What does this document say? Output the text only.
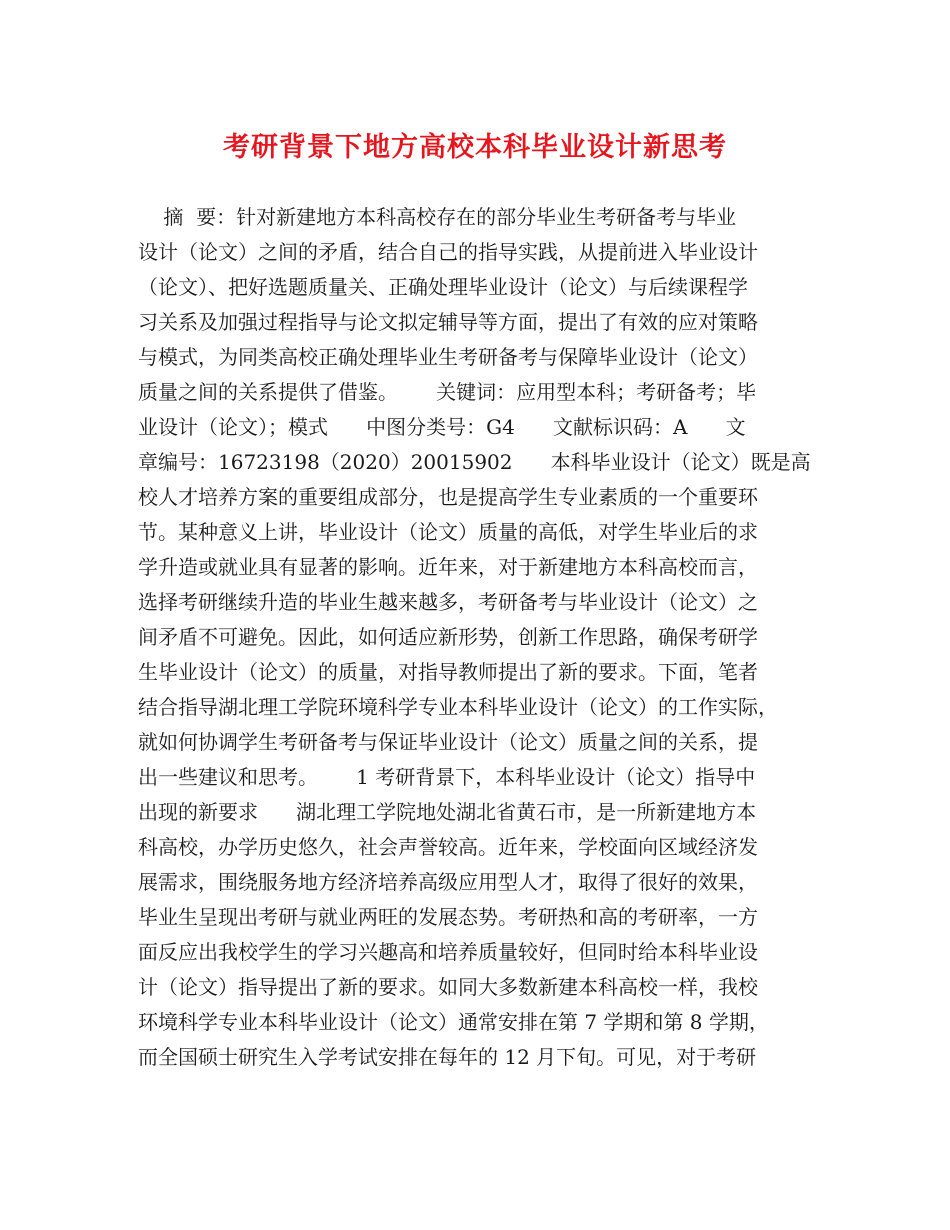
考研背景下地方高校本科毕业设计新思考
摘  要：针对新建地方本科高校存在的部分毕业生考研备考与毕业
设计（论文）之间的矛盾，结合自己的指导实践，从提前进入毕业设计
（论文）、把好选题质量关、正确处理毕业设计（论文）与后续课程学
习关系及加强过程指导与论文拟定辅导等方面，提出了有效的应对策略
与模式，为同类高校正确处理毕业生考研备考与保障毕业设计（论文）
质量之间的关系提供了借鉴。      关键词：应用型本科；考研备考；毕
业设计（论文）；模式      中图分类号：G4      文献标识码：A      文
章编号：16723198（2020）20015902      本科毕业设计（论文）既是高
校人才培养方案的重要组成部分，也是提高学生专业素质的一个重要环
节。某种意义上讲，毕业设计（论文）质量的高低，对学生毕业后的求
学升造或就业具有显著的影响。近年来，对于新建地方本科高校而言，
选择考研继续升造的毕业生越来越多，考研备考与毕业设计（论文）之
间矛盾不可避免。因此，如何适应新形势，创新工作思路，确保考研学
生毕业设计（论文）的质量，对指导教师提出了新的要求。下面，笔者
结合指导湖北理工学院环境科学专业本科毕业设计（论文）的工作实际，
就如何协调学生考研备考与保证毕业设计（论文）质量之间的关系，提
出一些建议和思考。      1 考研背景下，本科毕业设计（论文）指导中
出现的新要求      湖北理工学院地处湖北省黄石市，是一所新建地方本
科高校，办学历史悠久，社会声誉较高。近年来，学校面向区域经济发
展需求，围绕服务地方经济培养高级应用型人才，取得了很好的效果，
毕业生呈现出考研与就业两旺的发展态势。考研热和高的考研率，一方
面反应出我校学生的学习兴趣高和培养质量较好，但同时给本科毕业设
计（论文）指导提出了新的要求。如同大多数新建本科高校一样，我校
环境科学专业本科毕业设计（论文）通常安排在第 7 学期和第 8 学期，
而全国硕士研究生入学考试安排在每年的 12 月下旬。可见，对于考研
